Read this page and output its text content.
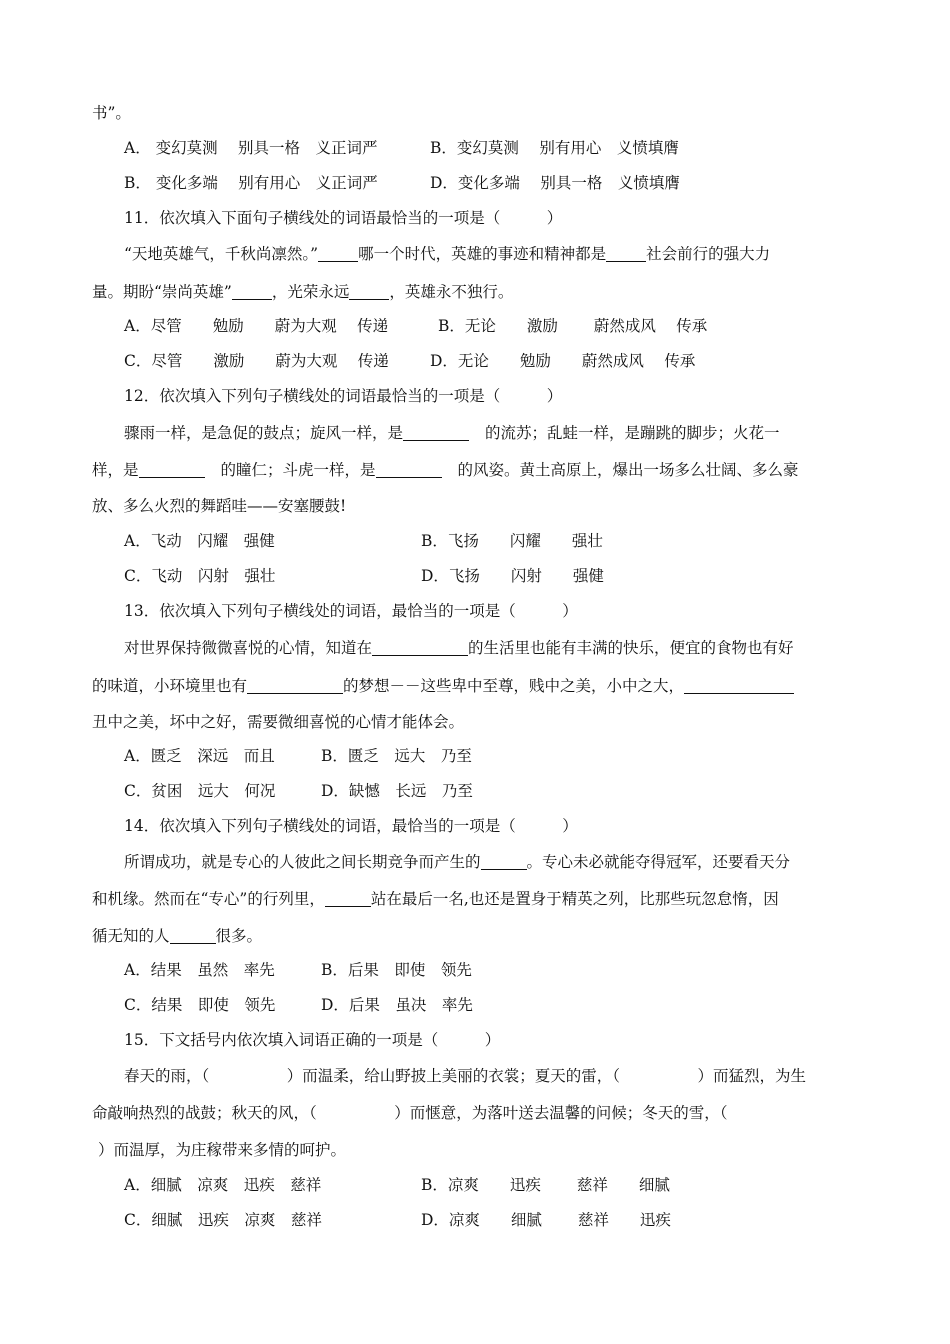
书”。
A． 变幻莫测　 别具一格　义正词严	B．变幻莫测　 别有用心　义愤填膺
B． 变化多端　 别有用心　义正词严	D．变化多端　 别具一格　义愤填膺
11．依次填入下面句子横线处的词语最恰当的一项是（　　　）
“天地英雄气，千秋尚凛然。”	哪一个时代，英雄的事迹和精神都是	社会前行的强大力
量。期盼“崇尚英雄”	，光荣永远	，英雄永不独行。
A．尽管　　勉励　　蔚为大观　 传递	B．无论　　激励　　 蔚然成风　 传承
C．尽管　　激励　　蔚为大观　 传递	D．无论　　勉励　　蔚然成风　 传承
12．依次填入下列句子横线处的词语最恰当的一项是（　　　）
骤雨一样，是急促的鼓点；旋风一样，是	的流苏；乱蛙一样，是蹦跳的脚步；火花一
样，是	的瞳仁；斗虎一样，是	的风姿。黄土高原上，爆出一场多么壮阔、多么豪
放、多么火烈的舞蹈哇——安塞腰鼓!
A．飞动　闪耀　强健	B．飞扬　　闪耀　　强壮
C．飞动　闪射　强壮	D．飞扬　　闪射　　强健
13．依次填入下列句子横线处的词语，最恰当的一项是（　　　）
对世界保持微微喜悦的心情，知道在	的生活里也能有丰满的快乐，便宜的食物也有好
的味道，小环境里也有	的梦想－－这些卑中至尊，贱中之美，小中之大，
丑中之美，坏中之好，需要微细喜悦的心情才能体会。
A．匮乏　深远　而且	B．匮乏　远大　乃至
C．贫困　远大　何况	D．缺憾　长远　乃至
14．依次填入下列句子横线处的词语，最恰当的一项是（　　　）
所谓成功，就是专心的人彼此之间长期竞争而产生的	。专心未必就能夺得冠军，还要看天分
和机缘。然而在“专心”的行列里，	站在最后一名,也还是置身于精英之列，比那些玩忽怠惰，因
循无知的人	很多。
A．结果　虽然　率先	B．后果　即使　领先
C．结果　即使　领先	D．后果　虽决　率先
15．下文括号内依次填入词语正确的一项是（　　　）
春天的雨，（　　　　　）而温柔，给山野披上美丽的衣裳；夏天的雷，（　　　　　）而猛烈，为生
命敲响热烈的战鼓；秋天的风，（　　　　　）而惬意，为落叶送去温馨的问候；冬天的雪，（
）而温厚，为庄稼带来多情的呵护。
A．细腻　凉爽　迅疾　慈祥	B．凉爽　　迅疾　　 慈祥　　细腻
C．细腻　迅疾　凉爽　慈祥	D．凉爽　　细腻　　 慈祥　　迅疾
